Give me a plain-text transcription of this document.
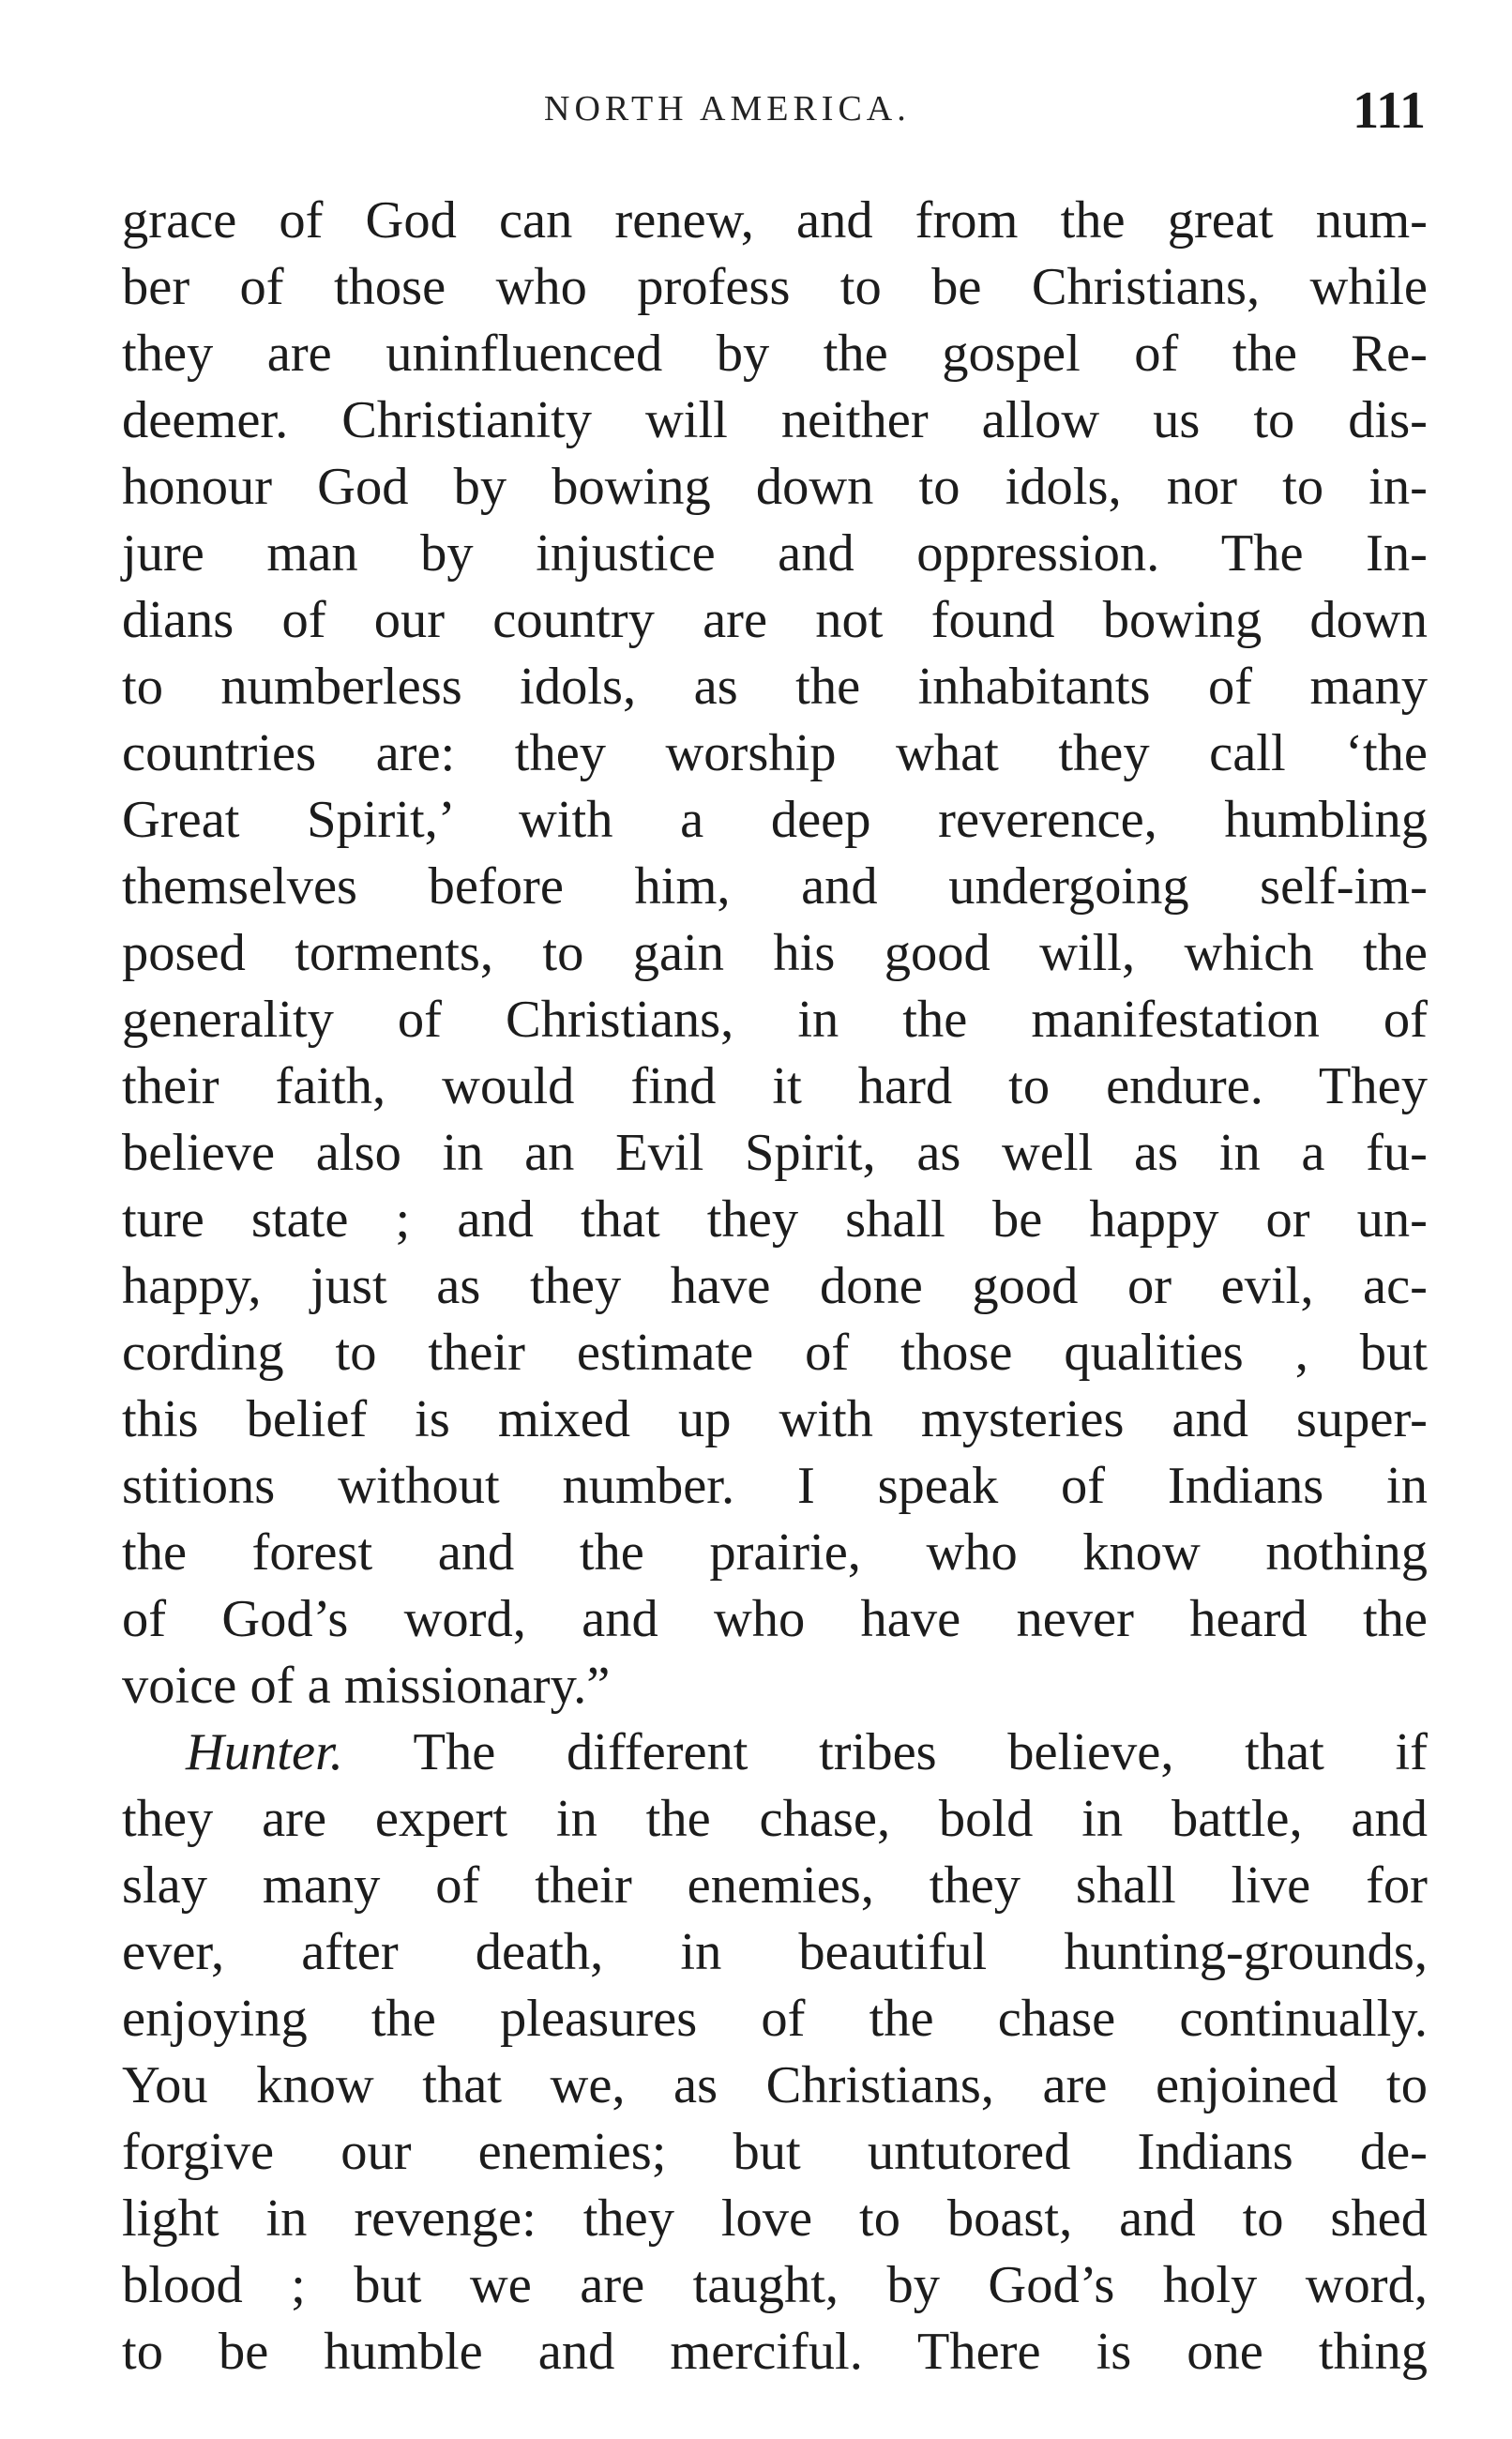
NORTH AMERICA.	111
grace of God can renew, and from the great num-
ber of those who profess to be Christians, while
they are uninfluenced by the gospel of the Re-
deemer. Christianity will neither allow us to dis-
honour God by bowing down to idols, nor to in-
jure man by injustice and oppression. The In-
dians of our country are not found bowing down
to numberless idols, as the inhabitants of many
countries are: they worship what they call ‘the
Great Spirit,’ with a deep reverence, humbling
themselves before him, and undergoing self-im-
posed torments, to gain his good will, which the
generality of Christians, in the manifestation of
their faith, would find it hard to endure. They
believe also in an Evil Spirit, as well as in a fu-
ture state ; and that they shall be happy or un-
happy, just as they have done good or evil, ac-
cording to their estimate of those qualities , but
this belief is mixed up with mysteries and super-
stitions without number. I speak of Indians in
the forest and the prairie, who know nothing
of God’s word, and who have never heard the
voice of a missionary.”
Hunter. The different tribes believe, that if
they are expert in the chase, bold in battle, and
slay many of their enemies, they shall live for
ever, after death, in beautiful hunting-grounds,
enjoying the pleasures of the chase continually.
You know that we, as Christians, are enjoined to
forgive our enemies; but untutored Indians de-
light in revenge: they love to boast, and to shed
blood ; but we are taught, by God’s holy word,
to be humble and merciful. There is one thing
